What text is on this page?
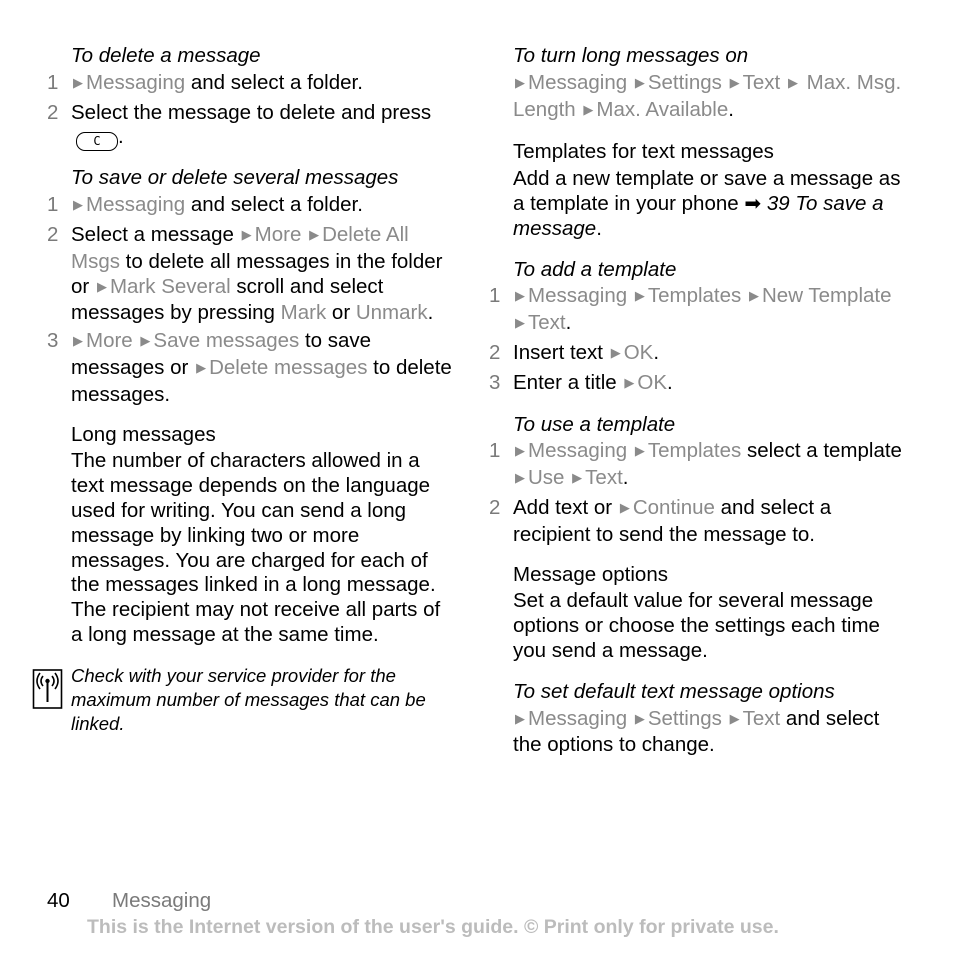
To delete a message
1 ▶ Messaging and select a folder.
2 Select the message to delete and pressC .
To save or delete several messages
1 ▶ Messaging and select a folder.
2 Select a message ▶ More ▶ Delete All Msgs to delete all messages in the folder or ▶ Mark Several scroll and select messages by pressing Mark or Unmark.
3 ▶ More ▶ Save messages to save messages or ▶ Delete messages to delete messages.
Long messages
The number of characters allowed in a text message depends on the language used for writing. You can send a long message by linking two or more messages. You are charged for each of the messages linked in a long message. The recipient may not receive all parts of a long message at the same time.
Check with your service provider for the maximum number of messages that can be linked.
To turn long messages on
▶ Messaging ▶ Settings ▶ Text ▶ Max. Msg. Length ▶ Max. Available.
Templates for text messages
Add a new template or save a message as a template in your phone ➡ 39 To save a message.
To add a template
1 ▶ Messaging ▶ Templates ▶ New Template ▶ Text.
2 Insert text ▶ OK.
3 Enter a title ▶ OK.
To use a template
1 ▶ Messaging ▶ Templates select a template ▶ Use ▶ Text.
2 Add text or ▶ Continue and select a recipient to send the message to.
Message options
Set a default value for several message options or choose the settings each time you send a message.
To set default text message options
▶ Messaging ▶ Settings ▶ Text and select the options to change.
40 Messaging
This is the Internet version of the user's guide. © Print only for private use.
